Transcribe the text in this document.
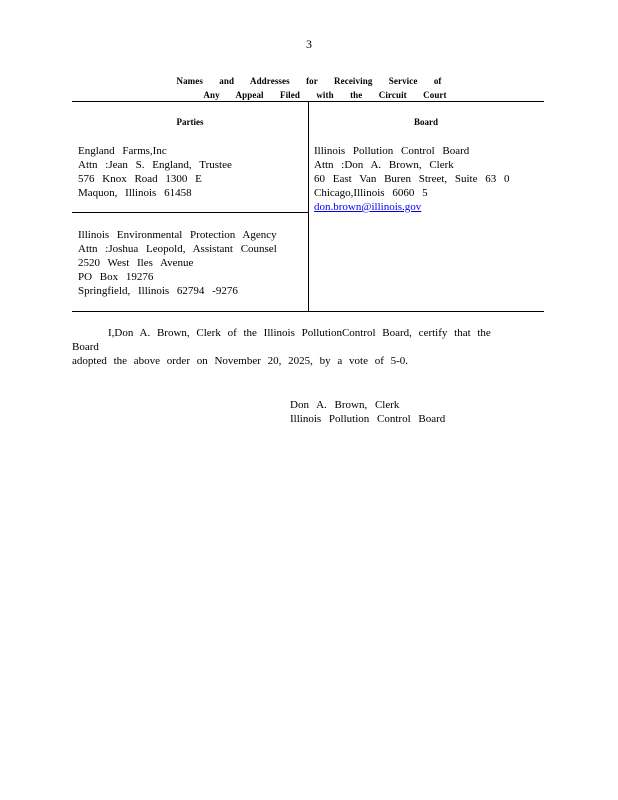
3
Names and Addresses for Receiving Service of
Any Appeal Filed with the Circuit Court
Parties	Board
England Farms,Inc
Attn :Jean S. England, Trustee
576 Knox Road 1300 E
Maquon, Illinois 61458
Illinois Pollution Control Board
Attn :Don A. Brown, Clerk
60 East Van Buren Street, Suite 63 0
Chicago,Illinois 6060 5
don.brown@illinois.gov
Illinois Environmental Protection Agency
Attn :Joshua Leopold, Assistant Counsel
2520 West Iles Avenue
PO Box 19276
Springfield, Illinois 62794 -9276
I,Don A. Brown, Clerk of the Illinois PollutionControl Board, certify that the Board
adopted the above order on November 20, 2025, by a vote of 5-0.
Don A. Brown, Clerk
Illinois Pollution Control Board
